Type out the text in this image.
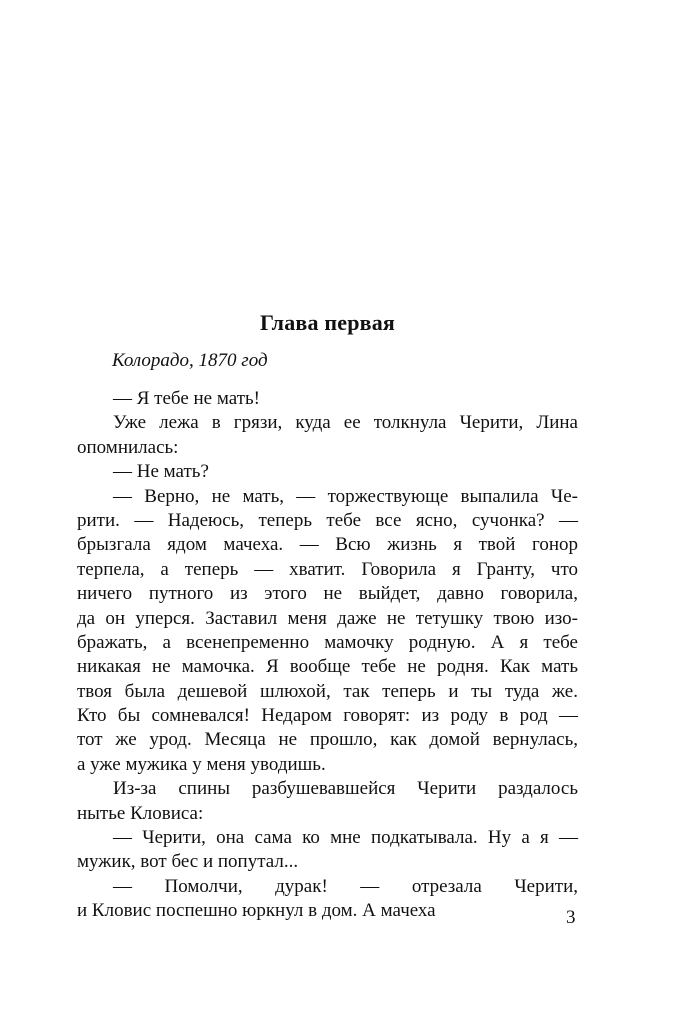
Глава первая
Колорадо, 1870 год
— Я тебе не мать!
Уже лежа в грязи, куда ее толкнула Черити, Лина
опомнилась:
— Не мать?
— Верно, не мать, — торжествующе выпалила Че-
рити. — Надеюсь, теперь тебе все ясно, сучонка? —
брызгала ядом мачеха. — Всю жизнь я твой гонор
терпела, а теперь — хватит. Говорила я Гранту, что
ничего путного из этого не выйдет, давно говорила,
да он уперся. Заставил меня даже не тетушку твою изо-
бражать, а всенепременно мамочку родную. А я тебе
никакая не мамочка. Я вообще тебе не родня. Как мать
твоя была дешевой шлюхой, так теперь и ты туда же.
Кто бы сомневался! Недаром говорят: из роду в род —
тот же урод. Месяца не прошло, как домой вернулась,
а уже мужика у меня уводишь.
Из-за спины разбушевавшейся Черити раздалось
нытье Кловиса:
— Черити, она сама ко мне подкатывала. Ну а я —
мужик, вот бес и попутал...
— Помолчи, дурак! — отрезала Черити,
и Кловис поспешно юркнул в дом. А мачеха	3
